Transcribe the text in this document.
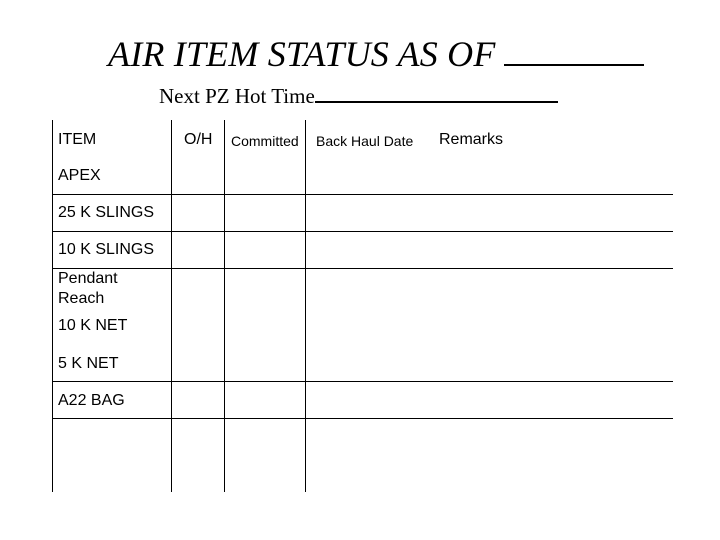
AIR ITEM STATUS AS OF
Next PZ Hot Time
ITEM	O/H Committed Back Haul Date Remarks
APEX
25 K SLINGS
10 K SLINGS
Pendant
Reach
10 K NET
5 K NET
A22 BAG
